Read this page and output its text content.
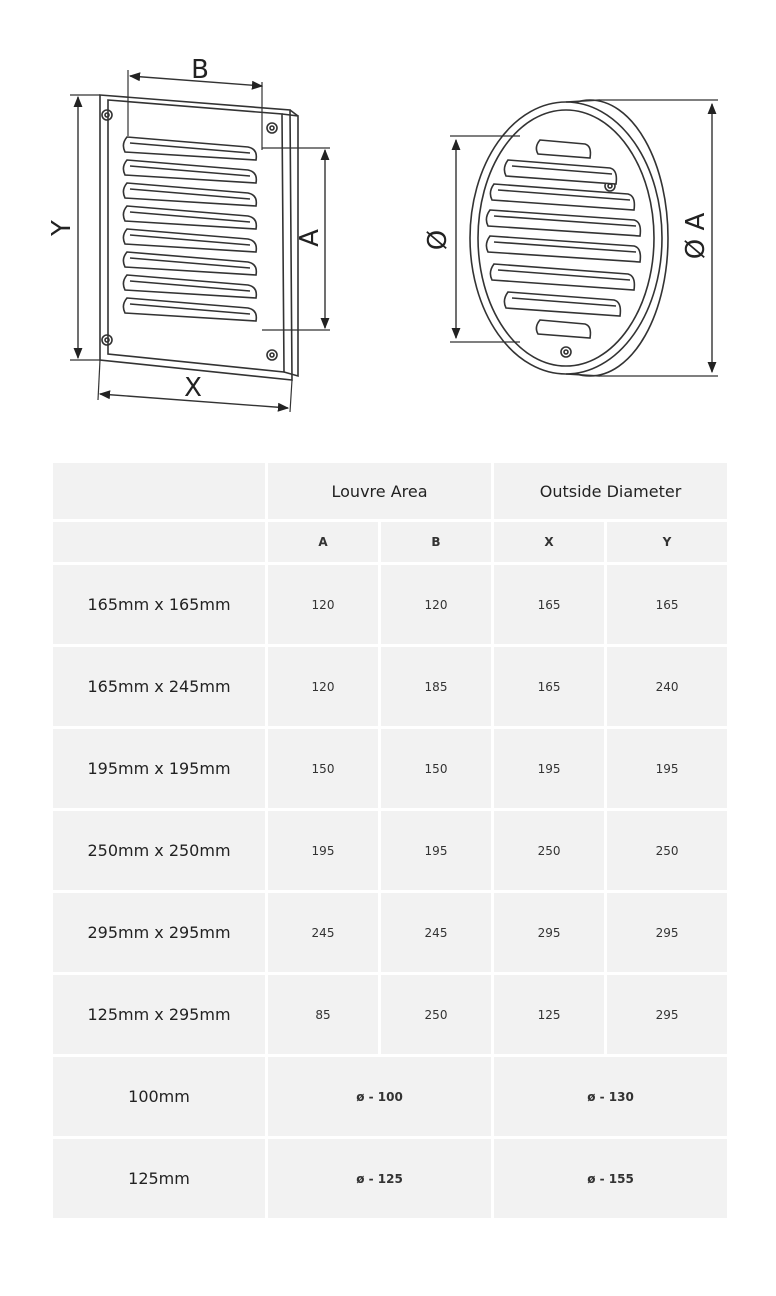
B
A
Y
X
Ø	Ø A
	Louvre Area		Outside Diameter	
	A	B	X	Y
165mm x 165mm	120	120	165	165
165mm x 245mm	120	185	165	240
195mm x 195mm	150	150	195	195
250mm x 250mm	195	195	250	250
295mm x 295mm	245	245	295	295
125mm x 295mm	85	250	125	295
100mm	ø - 100		ø - 130	
125mm	ø - 125		ø - 155	
